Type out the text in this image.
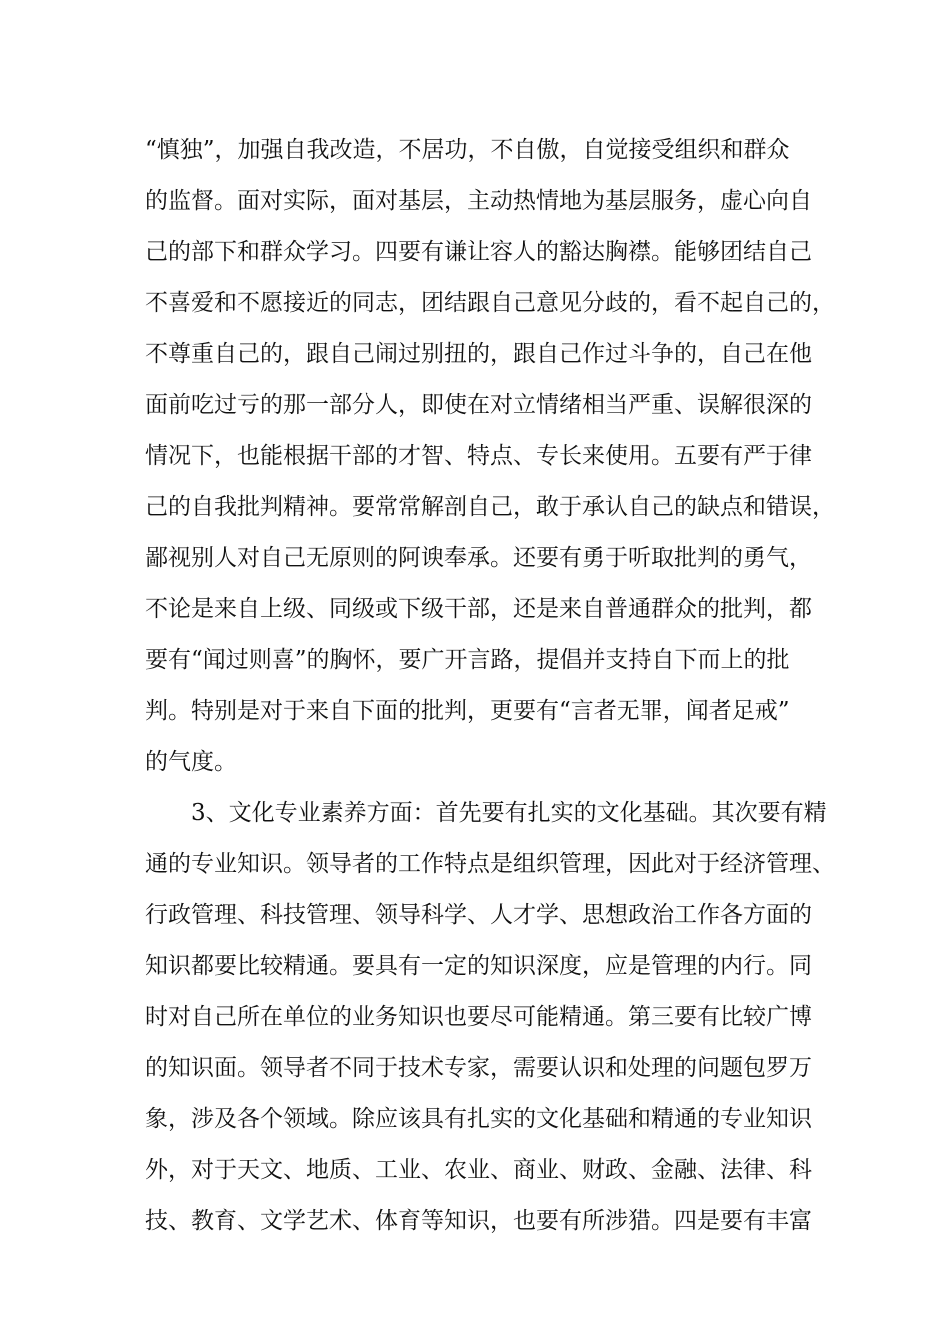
“慎独”，加强自我改造，不居功，不自傲，自觉接受组织和群众
的监督。面对实际，面对基层，主动热情地为基层服务，虚心向自
己的部下和群众学习。四要有谦让容人的豁达胸襟。能够团结自己
不喜爱和不愿接近的同志，团结跟自己意见分歧的，看不起自己的，
不尊重自己的，跟自己闹过别扭的，跟自己作过斗争的，自己在他
面前吃过亏的那一部分人，即使在对立情绪相当严重、误解很深的
情况下，也能根据干部的才智、特点、专长来使用。五要有严于律
己的自我批判精神。要常常解剖自己，敢于承认自己的缺点和错误，
鄙视别人对自己无原则的阿谀奉承。还要有勇于听取批判的勇气，
不论是来自上级、同级或下级干部，还是来自普通群众的批判，都
要有“闻过则喜”的胸怀，要广开言路，提倡并支持自下而上的批
判。特别是对于来自下面的批判，更要有“言者无罪，闻者足戒”
的气度。
3、文化专业素养方面：首先要有扎实的文化基础。其次要有精
通的专业知识。领导者的工作特点是组织管理，因此对于经济管理、
行政管理、科技管理、领导科学、人才学、思想政治工作各方面的
知识都要比较精通。要具有一定的知识深度，应是管理的内行。同
时对自己所在单位的业务知识也要尽可能精通。第三要有比较广博
的知识面。领导者不同于技术专家，需要认识和处理的问题包罗万
象，涉及各个领域。除应该具有扎实的文化基础和精通的专业知识
外，对于天文、地质、工业、农业、商业、财政、金融、法律、科
技、教育、文学艺术、体育等知识，也要有所涉猎。四是要有丰富
